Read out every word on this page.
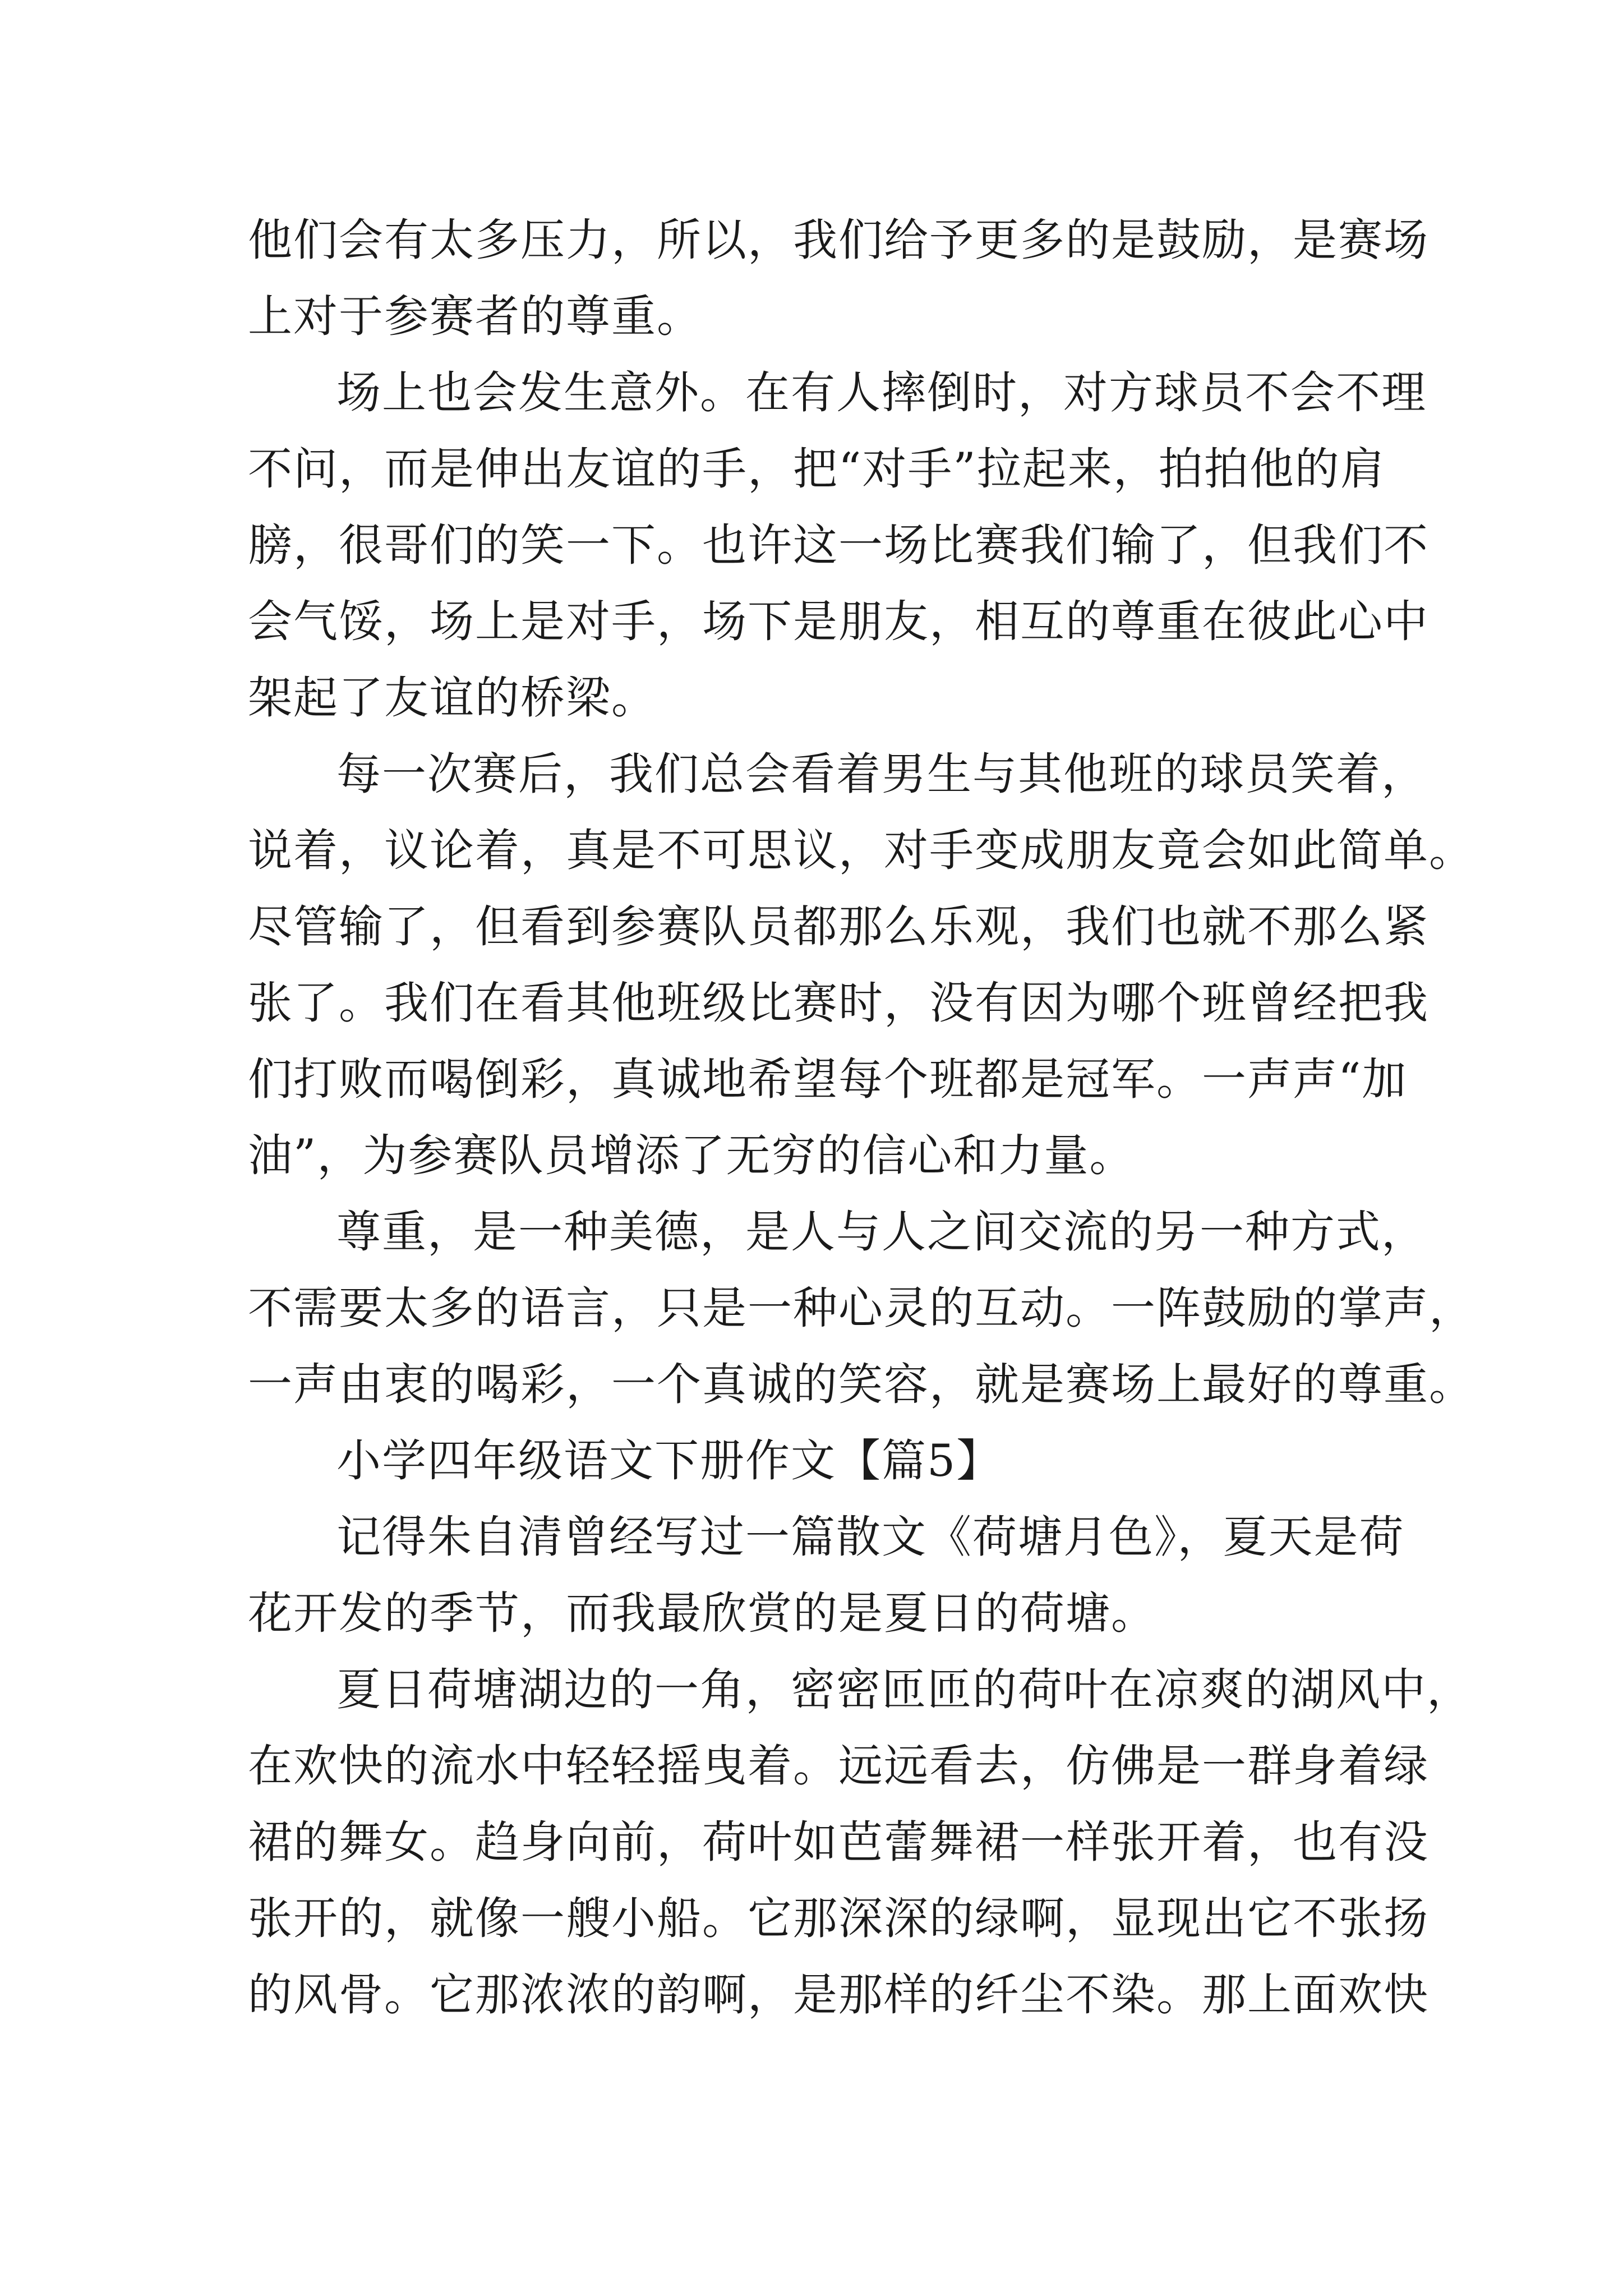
他们会有太多压力，所以，我们给予更多的是鼓励，是赛场
上对于参赛者的尊重。
场上也会发生意外。在有人摔倒时，对方球员不会不理
不问，而是伸出友谊的手，把“对手”拉起来，拍拍他的肩
膀，很哥们的笑一下。也许这一场比赛我们输了，但我们不
会气馁，场上是对手，场下是朋友，相互的尊重在彼此心中
架起了友谊的桥梁。
每一次赛后，我们总会看着男生与其他班的球员笑着，
说着，议论着，真是不可思议，对手变成朋友竟会如此简单。
尽管输了，但看到参赛队员都那么乐观，我们也就不那么紧
张了。我们在看其他班级比赛时，没有因为哪个班曾经把我
们打败而喝倒彩，真诚地希望每个班都是冠军。一声声“加
油”，为参赛队员增添了无穷的信心和力量。
尊重，是一种美德，是人与人之间交流的另一种方式，
不需要太多的语言，只是一种心灵的互动。一阵鼓励的掌声，
一声由衷的喝彩，一个真诚的笑容，就是赛场上最好的尊重。
小学四年级语文下册作文【篇5】
记得朱自清曾经写过一篇散文《荷塘月色》，夏天是荷
花开发的季节，而我最欣赏的是夏日的荷塘。
夏日荷塘湖边的一角，密密匝匝的荷叶在凉爽的湖风中，
在欢快的流水中轻轻摇曳着。远远看去，仿佛是一群身着绿
裙的舞女。趋身向前，荷叶如芭蕾舞裙一样张开着，也有没
张开的，就像一艘小船。它那深深的绿啊，显现出它不张扬
的风骨。它那浓浓的韵啊，是那样的纤尘不染。那上面欢快
